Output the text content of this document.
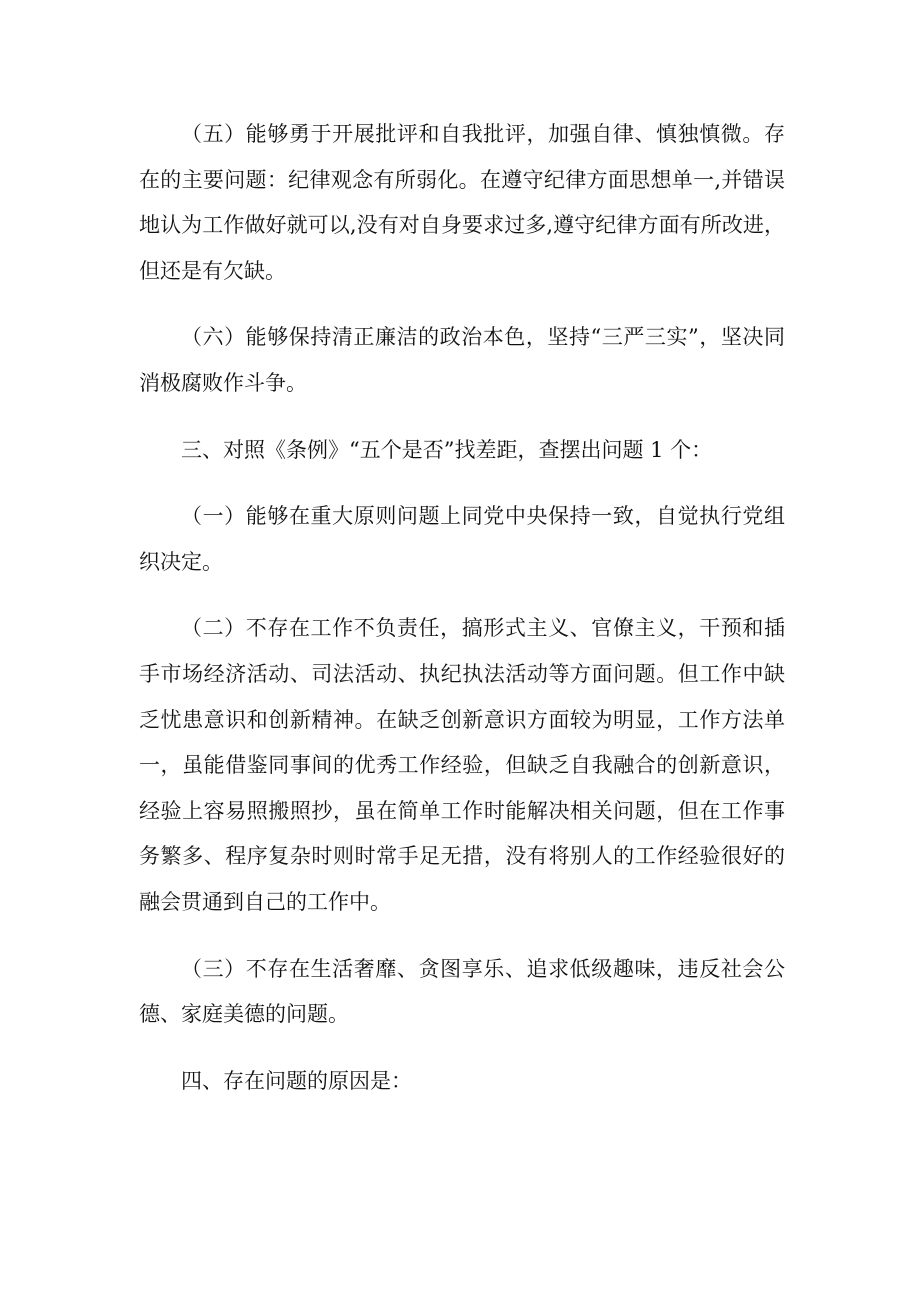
（五）能够勇于开展批评和自我批评，加强自律、慎独慎微。存在的主要问题：纪律观念有所弱化。在遵守纪律方面思想单一,并错误地认为工作做好就可以,没有对自身要求过多,遵守纪律方面有所改进，但还是有欠缺。

（六）能够保持清正廉洁的政治本色，坚持“三严三实”，坚决同消极腐败作斗争。

三、对照《条例》“五个是否”找差距，查摆出问题 1 个：

（一）能够在重大原则问题上同党中央保持一致，自觉执行党组织决定。

（二）不存在工作不负责任，搞形式主义、官僚主义，干预和插手市场经济活动、司法活动、执纪执法活动等方面问题。但工作中缺乏忧患意识和创新精神。在缺乏创新意识方面较为明显，工作方法单一，虽能借鉴同事间的优秀工作经验，但缺乏自我融合的创新意识，经验上容易照搬照抄，虽在简单工作时能解决相关问题，但在工作事务繁多、程序复杂时则时常手足无措，没有将别人的工作经验很好的融会贯通到自己的工作中。

（三）不存在生活奢靡、贪图享乐、追求低级趣味，违反社会公德、家庭美德的问题。

四、存在问题的原因是：
